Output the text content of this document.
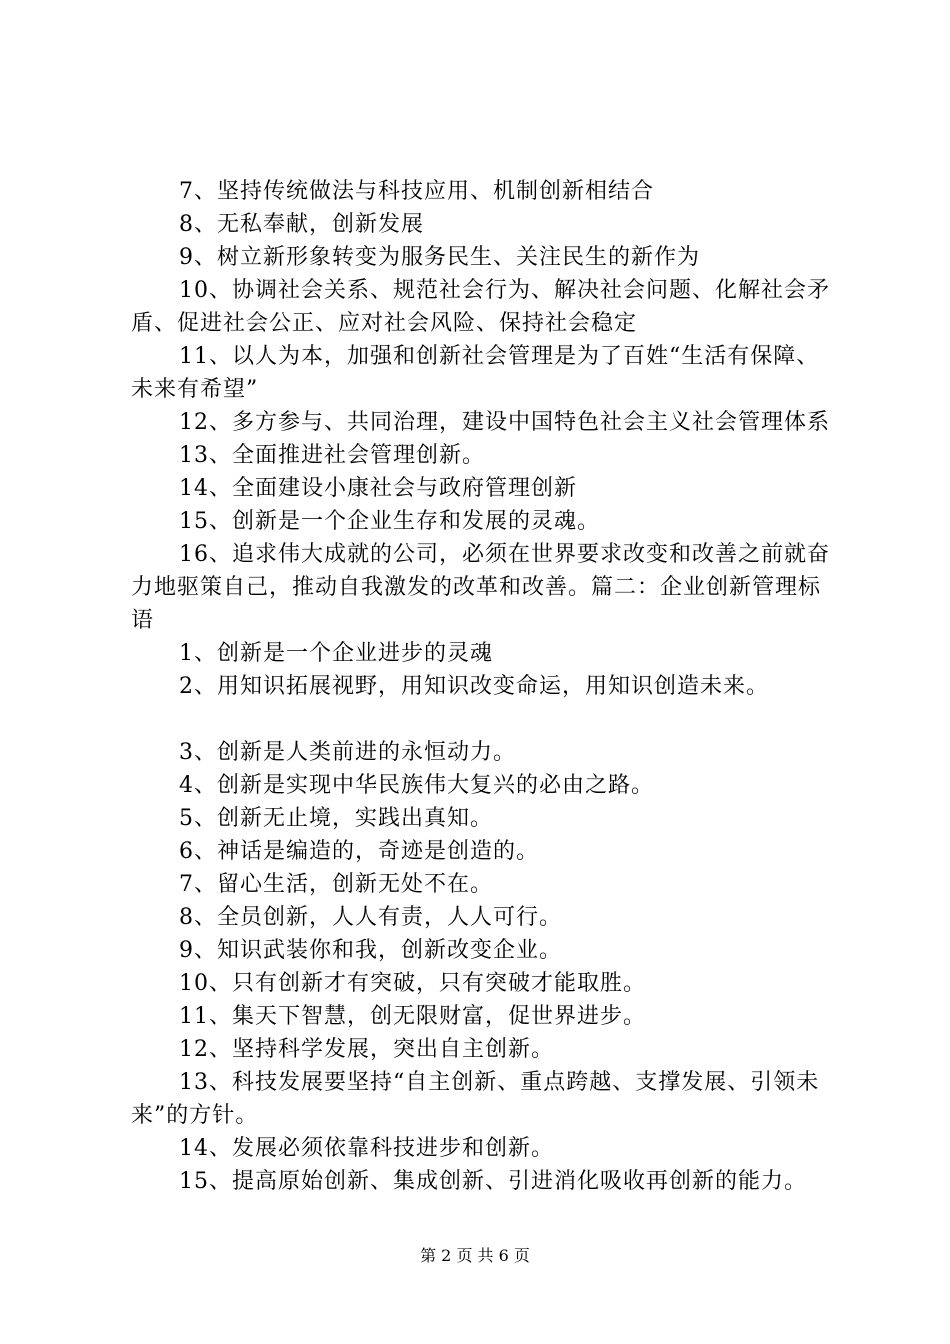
7、坚持传统做法与科技应用、机制创新相结合

8、无私奉献，创新发展

9、树立新形象转变为服务民生、关注民生的新作为

10、协调社会关系、规范社会行为、解决社会问题、化解社会矛盾、促进社会公正、应对社会风险、保持社会稳定

11、以人为本，加强和创新社会管理是为了百姓“生活有保障、未来有希望”

12、多方参与、共同治理，建设中国特色社会主义社会管理体系

13、全面推进社会管理创新。

14、全面建设小康社会与政府管理创新

15、创新是一个企业生存和发展的灵魂。

16、追求伟大成就的公司，必须在世界要求改变和改善之前就奋力地驱策自己，推动自我激发的改革和改善。篇二：企业创新管理标语

1、创新是一个企业进步的灵魂

2、用知识拓展视野，用知识改变命运，用知识创造未来。

3、创新是人类前进的永恒动力。

4、创新是实现中华民族伟大复兴的必由之路。

5、创新无止境，实践出真知。

6、神话是编造的，奇迹是创造的。

7、留心生活，创新无处不在。

8、全员创新，人人有责，人人可行。

9、知识武装你和我，创新改变企业。

10、只有创新才有突破，只有突破才能取胜。

11、集天下智慧，创无限财富，促世界进步。

12、坚持科学发展，突出自主创新。

13、科技发展要坚持“自主创新、重点跨越、支撑发展、引领未来”的方针。

14、发展必须依靠科技进步和创新。

15、提高原始创新、集成创新、引进消化吸收再创新的能力。

第 2 页 共 6 页
